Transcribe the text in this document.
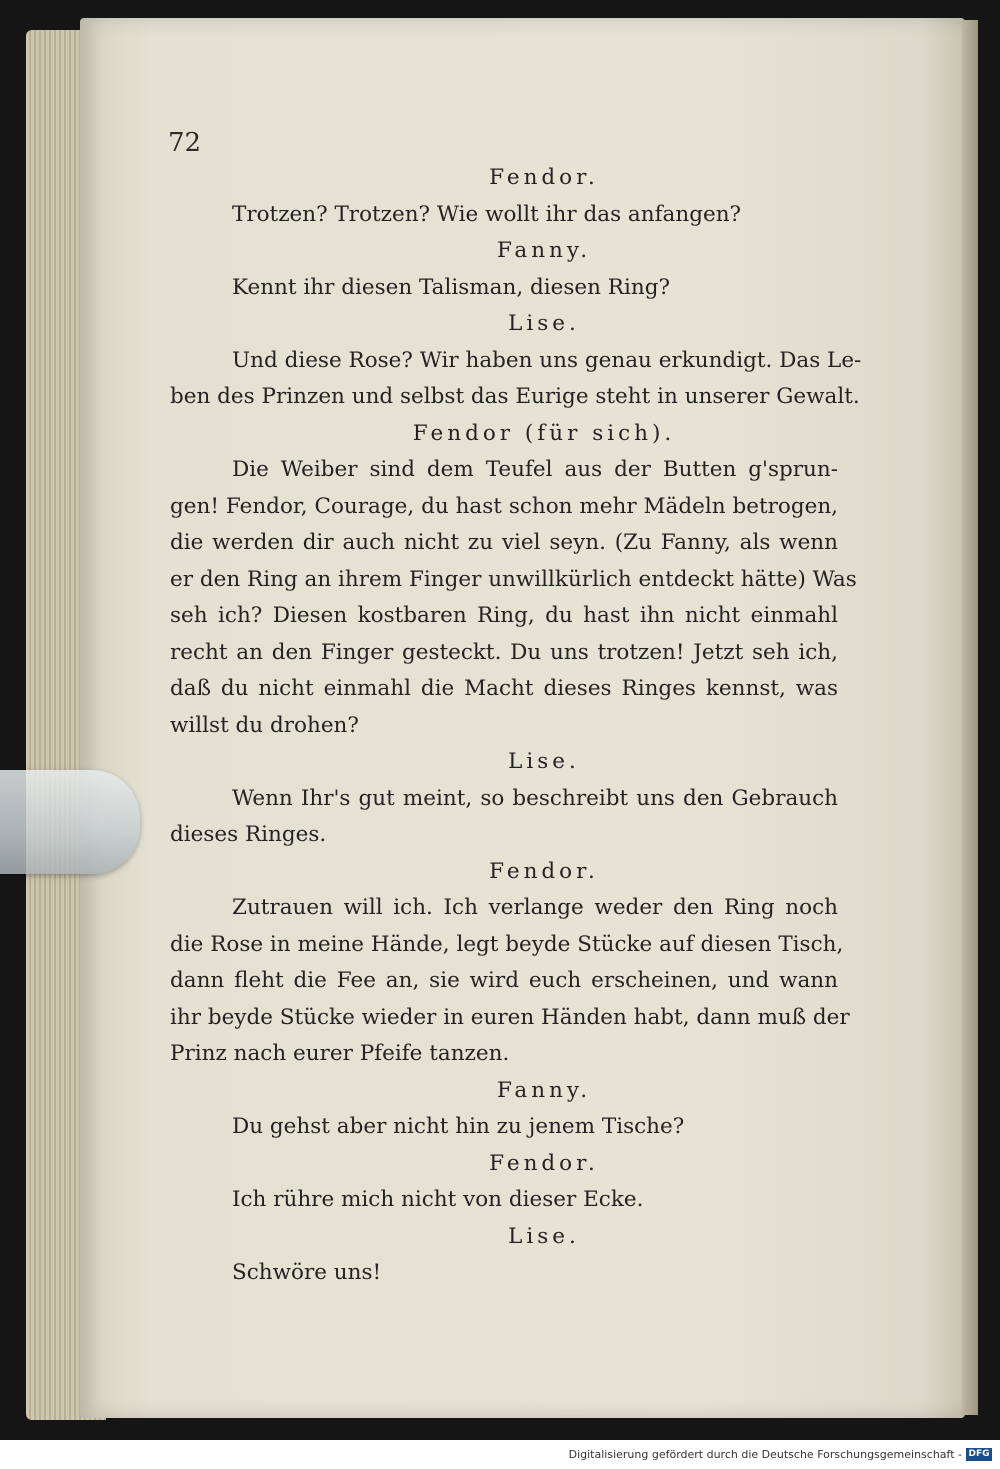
72
Fendor.
Trotzen? Trotzen? Wie wollt ihr das anfangen?
Fanny.
Kennt ihr diesen Talisman, diesen Ring?
Lise.
Und diese Rose? Wir haben uns genau erkundigt. Das Le-
ben des Prinzen und selbst das Eurige steht in unserer Gewalt.
Fendor (für sich).
Die Weiber sind dem Teufel aus der Butten g'sprun-
gen! Fendor, Courage, du hast schon mehr Mädeln betrogen,
die werden dir auch nicht zu viel seyn. (Zu Fanny, als wenn
er den Ring an ihrem Finger unwillkürlich entdeckt hätte) Was
seh ich? Diesen kostbaren Ring, du hast ihn nicht einmahl
recht an den Finger gesteckt. Du uns trotzen! Jetzt seh ich,
daß du nicht einmahl die Macht dieses Ringes kennst, was
willst du drohen?
Lise.
Wenn Ihr's gut meint, so beschreibt uns den Gebrauch
dieses Ringes.
Fendor.
Zutrauen will ich. Ich verlange weder den Ring noch
die Rose in meine Hände, legt beyde Stücke auf diesen Tisch,
dann fleht die Fee an, sie wird euch erscheinen, und wann
ihr beyde Stücke wieder in euren Händen habt, dann muß der
Prinz nach eurer Pfeife tanzen.
Fanny.
Du gehst aber nicht hin zu jenem Tische?
Fendor.
Ich rühre mich nicht von dieser Ecke.
Lise.
Schwöre uns!
Digitalisierung gefördert durch die Deutsche Forschungsgemeinschaft - DFG
